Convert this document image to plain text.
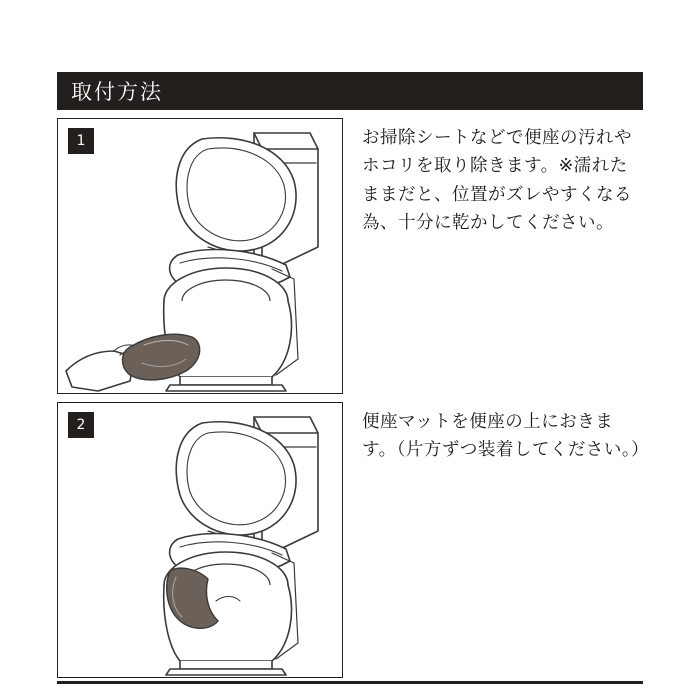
取付方法
1	お掃除シートなどで便座の汚れやホコリを取り除きます。※濡れたままだと、位置がズレやすくなる為、十分に乾かしてください。
2	便座マットを便座の上におきます。（片方ずつ装着してください。）
